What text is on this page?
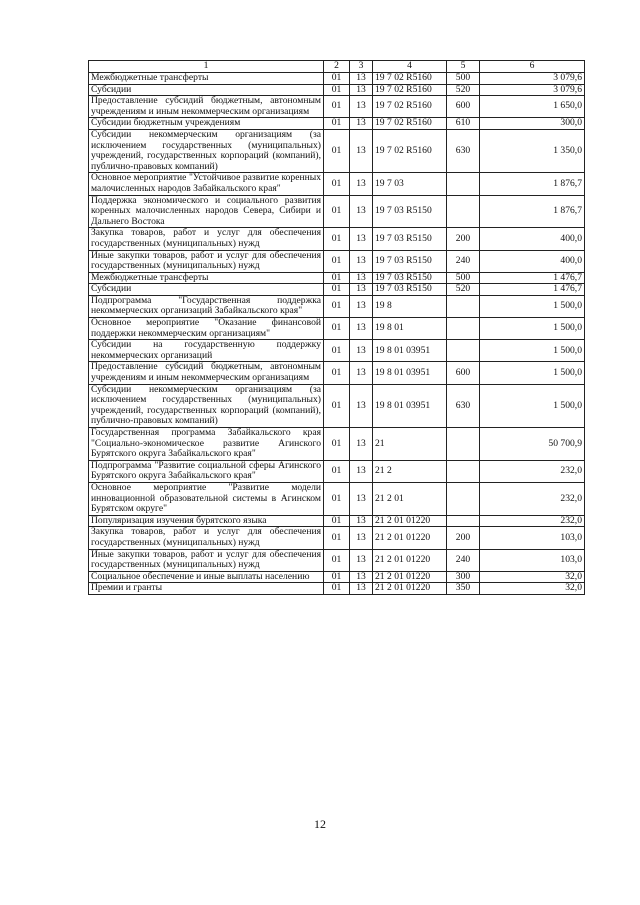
1	2	3	4	5	6
Межбюджетные трансферты	01	13	19 7 02 R5160	500	3 079,6
Субсидии	01	13	19 7 02 R5160	520	3 079,6
Предоставление субсидий бюджетным, автономным учреждениям и иным некоммерческим организациям	01	13	19 7 02 R5160	600	1 650,0
Субсидии бюджетным учреждениям	01	13	19 7 02 R5160	610	300,0
Субсидии некоммерческим организациям (за исключением государственных (муниципальных) учреждений, государственных корпораций (компаний), публично-правовых компаний)	01	13	19 7 02 R5160	630	1 350,0
Основное мероприятие "Устойчивое развитие коренных малочисленных народов Забайкальского края"	01	13	19 7 03		1 876,7
Поддержка экономического и социального развития коренных малочисленных народов Севера, Сибири и Дальнего Востока	01	13	19 7 03 R5150		1 876,7
Закупка товаров, работ и услуг для обеспечения государственных (муниципальных) нужд	01	13	19 7 03 R5150	200	400,0
Иные закупки товаров, работ и услуг для обеспечения государственных (муниципальных) нужд	01	13	19 7 03 R5150	240	400,0
Межбюджетные трансферты	01	13	19 7 03 R5150	500	1 476,7
Субсидии	01	13	19 7 03 R5150	520	1 476,7
Подпрограмма "Государственная поддержка некоммерческих организаций Забайкальского края"	01	13	19 8		1 500,0
Основное мероприятие "Оказание финансовой поддержки некоммерческим организациям"	01	13	19 8 01		1 500,0
Субсидии на государственную поддержку некоммерческих организаций	01	13	19 8 01 03951		1 500,0
Предоставление субсидий бюджетным, автономным учреждениям и иным некоммерческим организациям	01	13	19 8 01 03951	600	1 500,0
Субсидии некоммерческим организациям (за исключением государственных (муниципальных) учреждений, государственных корпораций (компаний), публично-правовых компаний)	01	13	19 8 01 03951	630	1 500,0
Государственная программа Забайкальского края "Социально-экономическое развитие Агинского Бурятского округа Забайкальского края"	01	13	21		50 700,9
Подпрограмма "Развитие социальной сферы Агинского Бурятского округа Забайкальского края"	01	13	21 2		232,0
Основное мероприятие "Развитие модели инновационной образовательной системы в Агинском Бурятском округе"	01	13	21 2 01		232,0
Популяризация изучения бурятского языка	01	13	21 2 01 01220		232,0
Закупка товаров, работ и услуг для обеспечения государственных (муниципальных) нужд	01	13	21 2 01 01220	200	103,0
Иные закупки товаров, работ и услуг для обеспечения государственных (муниципальных) нужд	01	13	21 2 01 01220	240	103,0
Социальное обеспечение и иные выплаты населению	01	13	21 2 01 01220	300	32,0
Премии и гранты	01	13	21 2 01 01220	350	32,0
12
